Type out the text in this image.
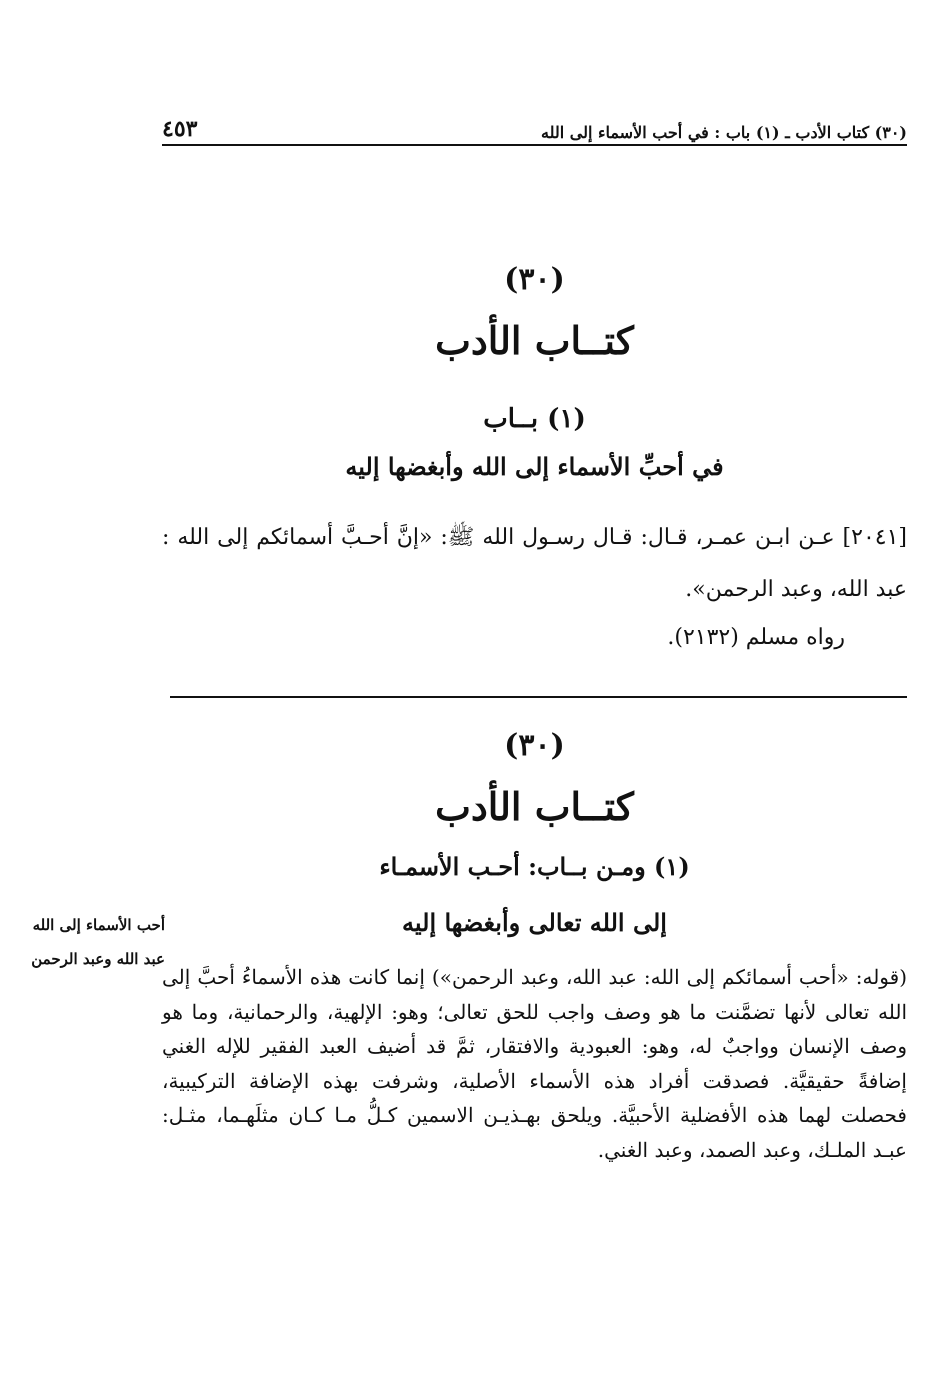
(٣٠) كتاب الأدب ـ (١) باب : في أحب الأسماء إلى الله
٤٥٣
(٣٠)
كتــاب الأدب
(١) بــاب
في أحبِّ الأسماء إلى الله وأبغضها إليه
[٢٠٤١] عـن ابـن عمـر، قـال: قـال رسـول الله ﷺ: «إنَّ أحـبَّ أسمائكم إلى الله : عبد الله، وعبد الرحمن».
رواه مسلم (٢١٣٢).
(٣٠)
كتــاب الأدب
(١) ومـن بــاب: أحـب الأسمـاء
إلى الله تعالى وأبغضها إليه
أحب الأسماء إلى الله عبد الله وعبد الرحمن
(قوله: «أحب أسمائكم إلى الله: عبد الله، وعبد الرحمن») إنما كانت هذه الأسماءُ أحبَّ إلى الله تعالى لأنها تضمَّنت ما هو وصف واجب للحق تعالى؛ وهو: الإلهية، والرحمانية، وما هو وصف الإنسان وواجبٌ له، وهو: العبودية والافتقار، ثمَّ قد أضيف العبد الفقير للإله الغني إضافةً حقيقيَّة. فصدقت أفراد هذه الأسماء الأصلية، وشرفت بهذه الإضافة التركيبية، فحصلت لهما هذه الأفضلية الأحبيَّة. ويلحق بهـذيـن الاسمين كـلُّ مـا كـان مثلَهـما، مثـل: عبـد الملـك، وعبد الصمد، وعبد الغني.
